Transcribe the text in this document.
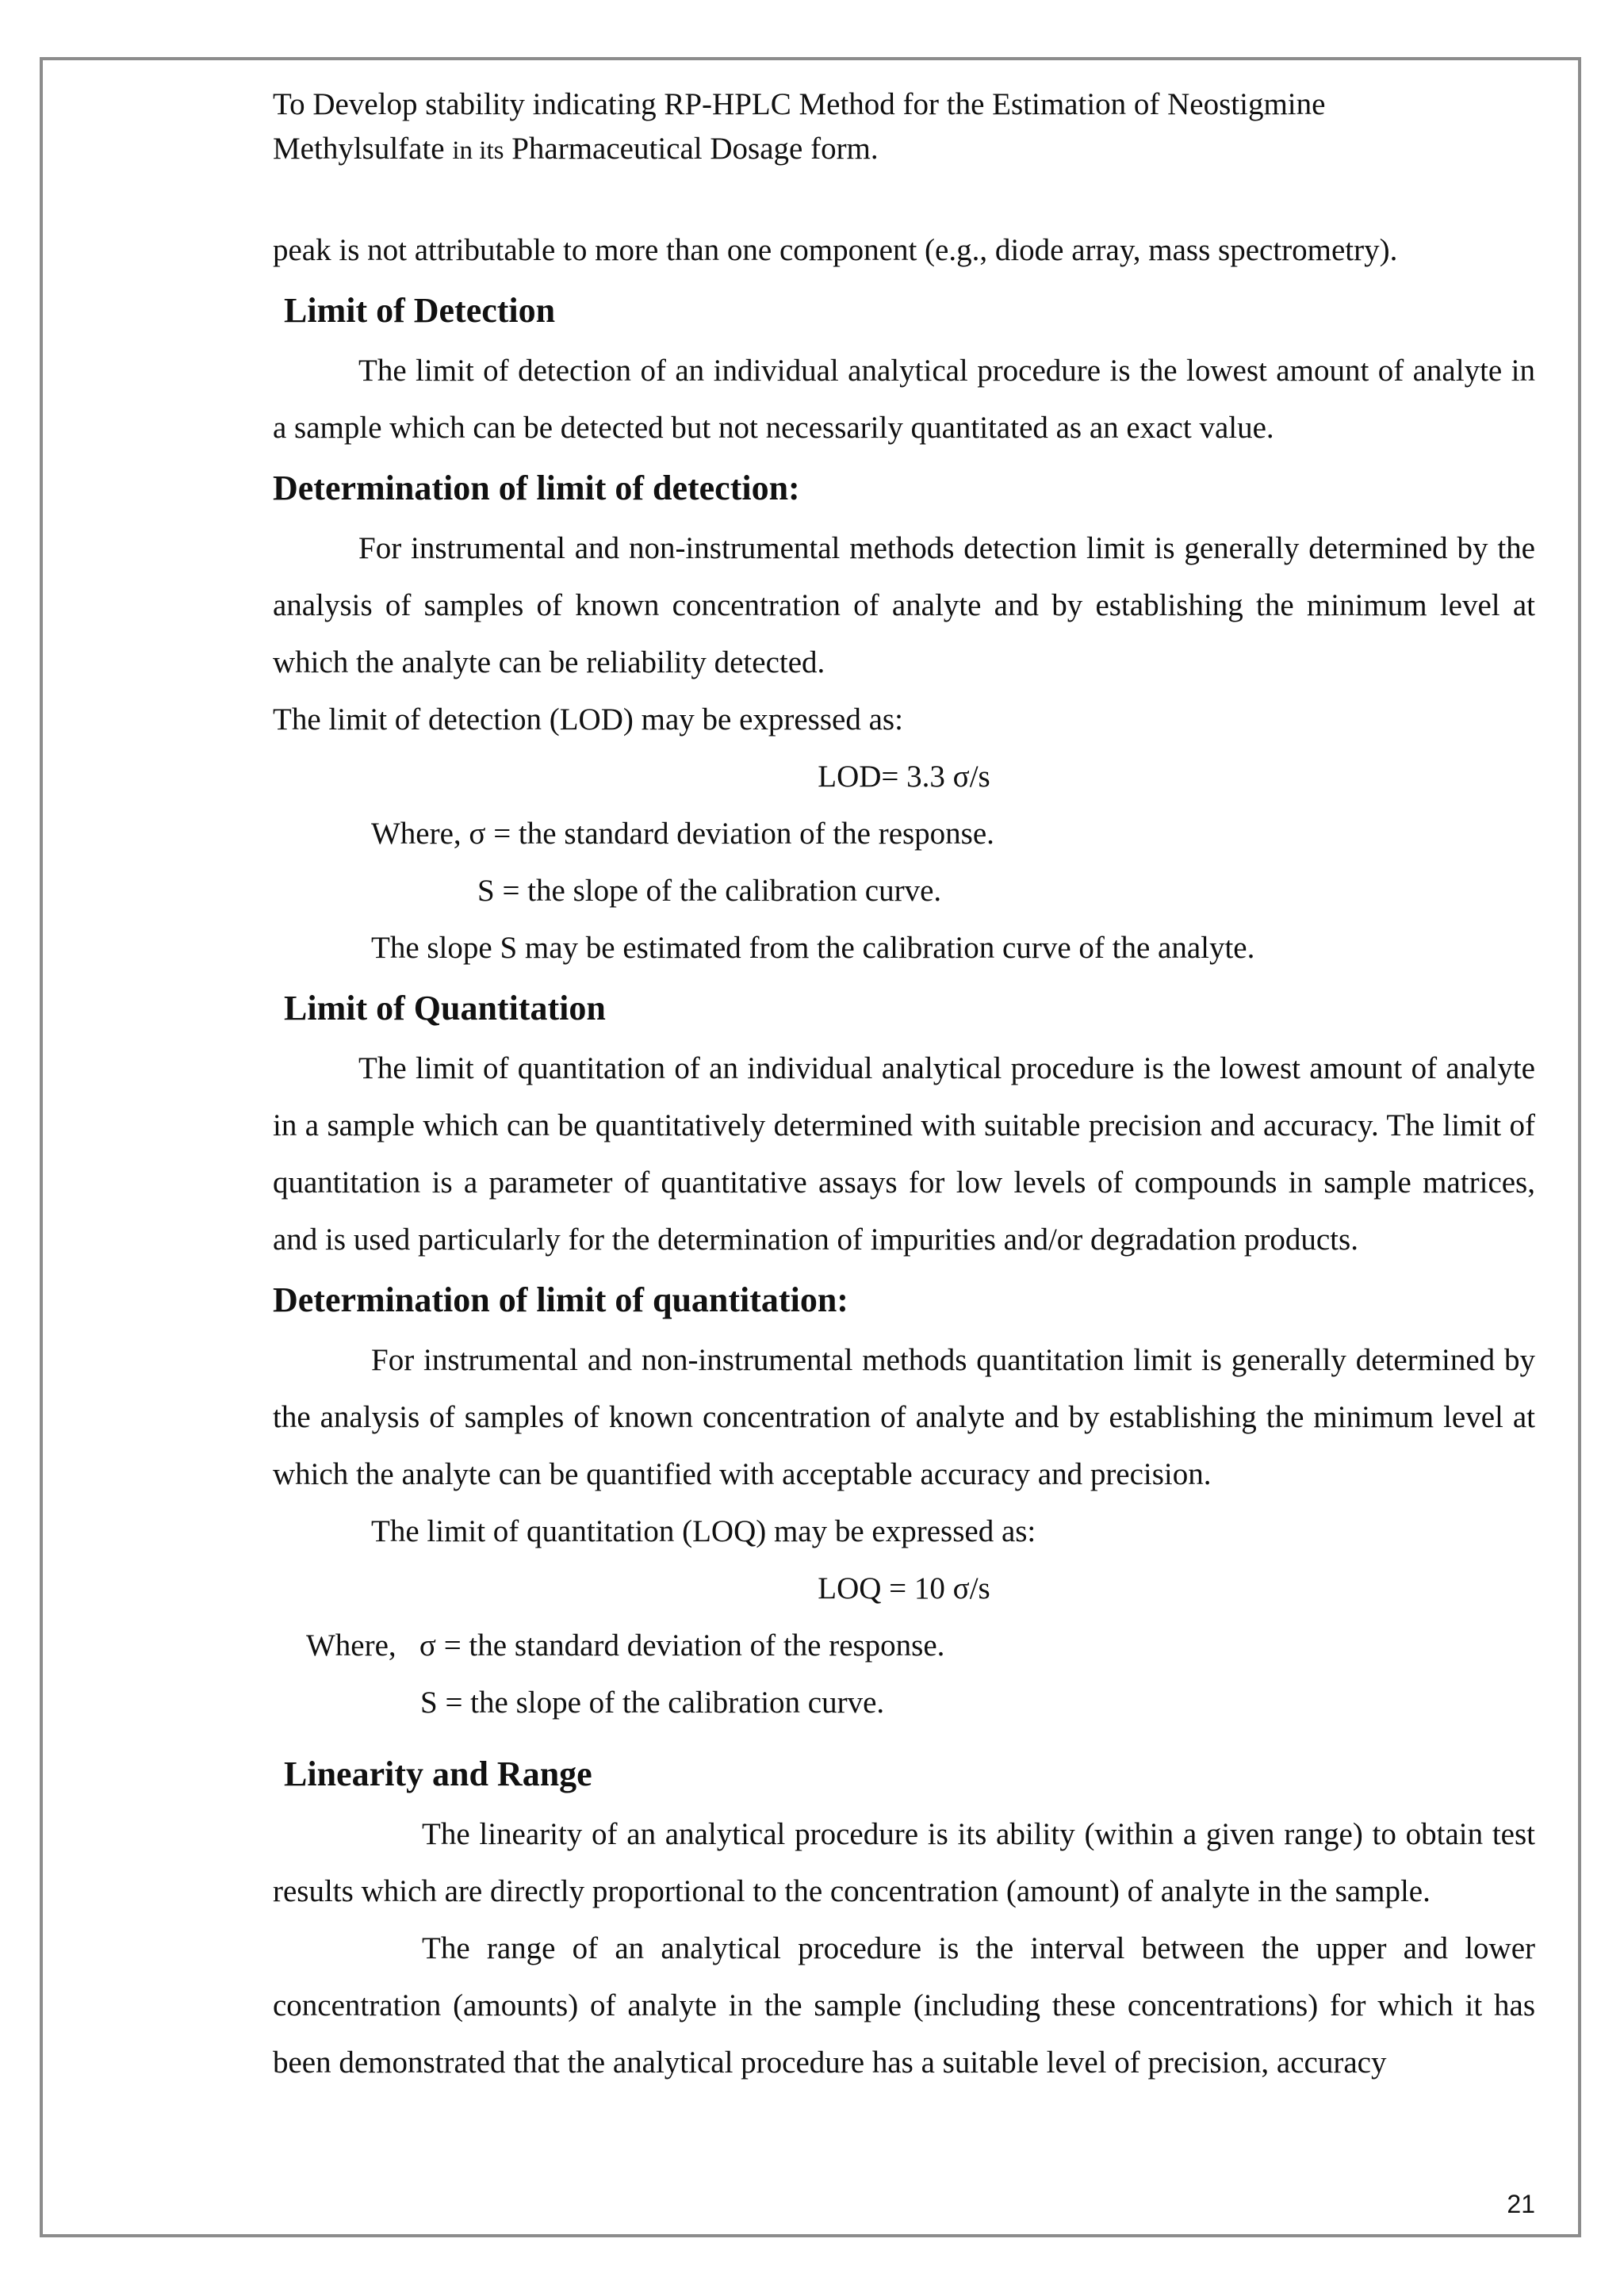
To Develop stability indicating RP-HPLC Method for the Estimation of Neostigmine
Methylsulfate in its Pharmaceutical Dosage form.

peak is not attributable to more than one component (e.g., diode array, mass spectrometry).

Limit of Detection

The limit of detection of an individual analytical procedure is the lowest amount of analyte in a sample which can be detected but not necessarily quantitated as an exact value.

Determination of limit of detection:

For instrumental and non-instrumental methods detection limit is generally determined by the analysis of samples of known concentration of analyte and by establishing the minimum level at which the analyte can be reliability detected.

The limit of detection (LOD) may be expressed as:

LOD= 3.3 σ/s

Where, σ = the standard deviation of the response.

S = the slope of the calibration curve.

The slope S may be estimated from the calibration curve of the analyte.

Limit of Quantitation

The limit of quantitation of an individual analytical procedure is the lowest amount of analyte in a sample which can be quantitatively determined with suitable precision and accuracy. The limit of quantitation is a parameter of quantitative assays for low levels of compounds in sample matrices, and is used particularly for the determination of impurities and/or degradation products.

Determination of limit of quantitation:

For instrumental and non-instrumental methods quantitation limit is generally determined by the analysis of samples of known concentration of analyte and by establishing the minimum level at which the analyte can be quantified with acceptable accuracy and precision.

The limit of quantitation (LOQ) may be expressed as:

LOQ = 10 σ/s

Where,   σ = the standard deviation of the response.

S = the slope of the calibration curve.

Linearity and Range

The linearity of an analytical procedure is its ability (within a given range) to obtain test results which are directly proportional to the concentration (amount) of analyte in the sample.

The range of an analytical procedure is the interval between the upper and lower concentration (amounts) of analyte in the sample (including these concentrations) for which it has been demonstrated that the analytical procedure has a suitable level of precision, accuracy

21
